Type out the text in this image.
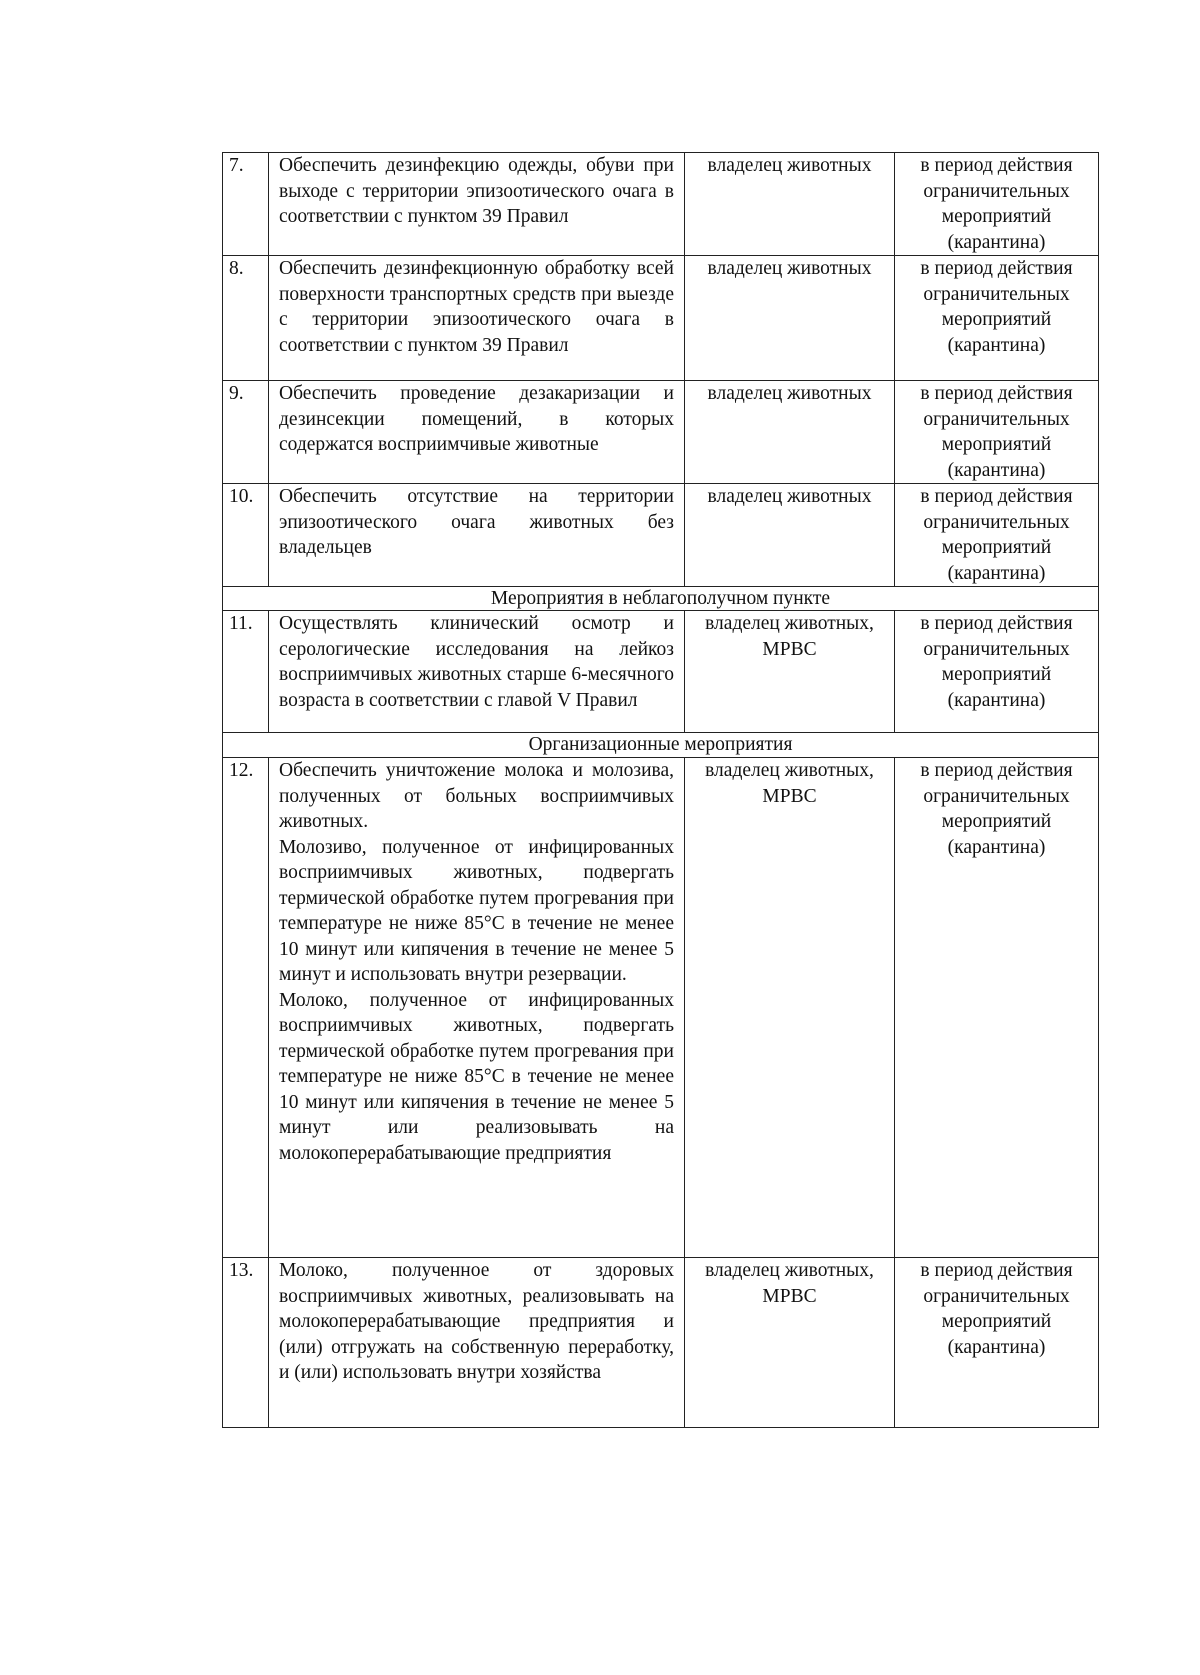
7.	Обеспечить дезинфекцию одежды, обуви при выходе с территории эпизоотического очага в соответствии с пунктом 39 Правил	владелец животных	в период действия ограничительных мероприятий (карантина)
8.	Обеспечить дезинфекционную обработку всей поверхности транспортных средств при выезде с территории эпизоотического очага в соответствии с пунктом 39 Правил	владелец животных	в период действия ограничительных мероприятий (карантина)
9.	Обеспечить проведение дезакаризации и дезинсекции помещений, в которых содержатся восприимчивые животные	владелец животных	в период действия ограничительных мероприятий (карантина)
10.	Обеспечить отсутствие на территории эпизоотического очага животных без владельцев	владелец животных	в период действия ограничительных мероприятий (карантина)
Мероприятия в неблагополучном пункте			
11.	Осуществлять клинический осмотр и серологические исследования на лейкоз восприимчивых животных старше 6-месячного возраста в соответствии с главой V Правил	владелец животных, МРВС	в период действия ограничительных мероприятий (карантина)
Организационные мероприятия			
12.	Обеспечить уничтожение молока и молозива, полученных от больных восприимчивых животных.
Молозиво, полученное от инфицированных восприимчивых животных, подвергать термической обработке путем прогревания при температуре не ниже 85°С в течение не менее 10 минут или кипячения в течение не менее 5 минут и использовать внутри резервации.
Молоко, полученное от инфицированных восприимчивых животных, подвергать термической обработке путем прогревания при температуре не ниже 85°С в течение не менее 10 минут или кипячения в течение не менее 5 минут или реализовывать на молокоперерабатывающие предприятия	владелец животных, МРВС	в период действия ограничительных мероприятий (карантина)
13.	Молоко, полученное от здоровых восприимчивых животных, реализовывать на молокоперерабатывающие предприятия и (или) отгружать на собственную переработку, и (или) использовать внутри хозяйства	владелец животных, МРВС	в период действия ограничительных мероприятий (карантина)
